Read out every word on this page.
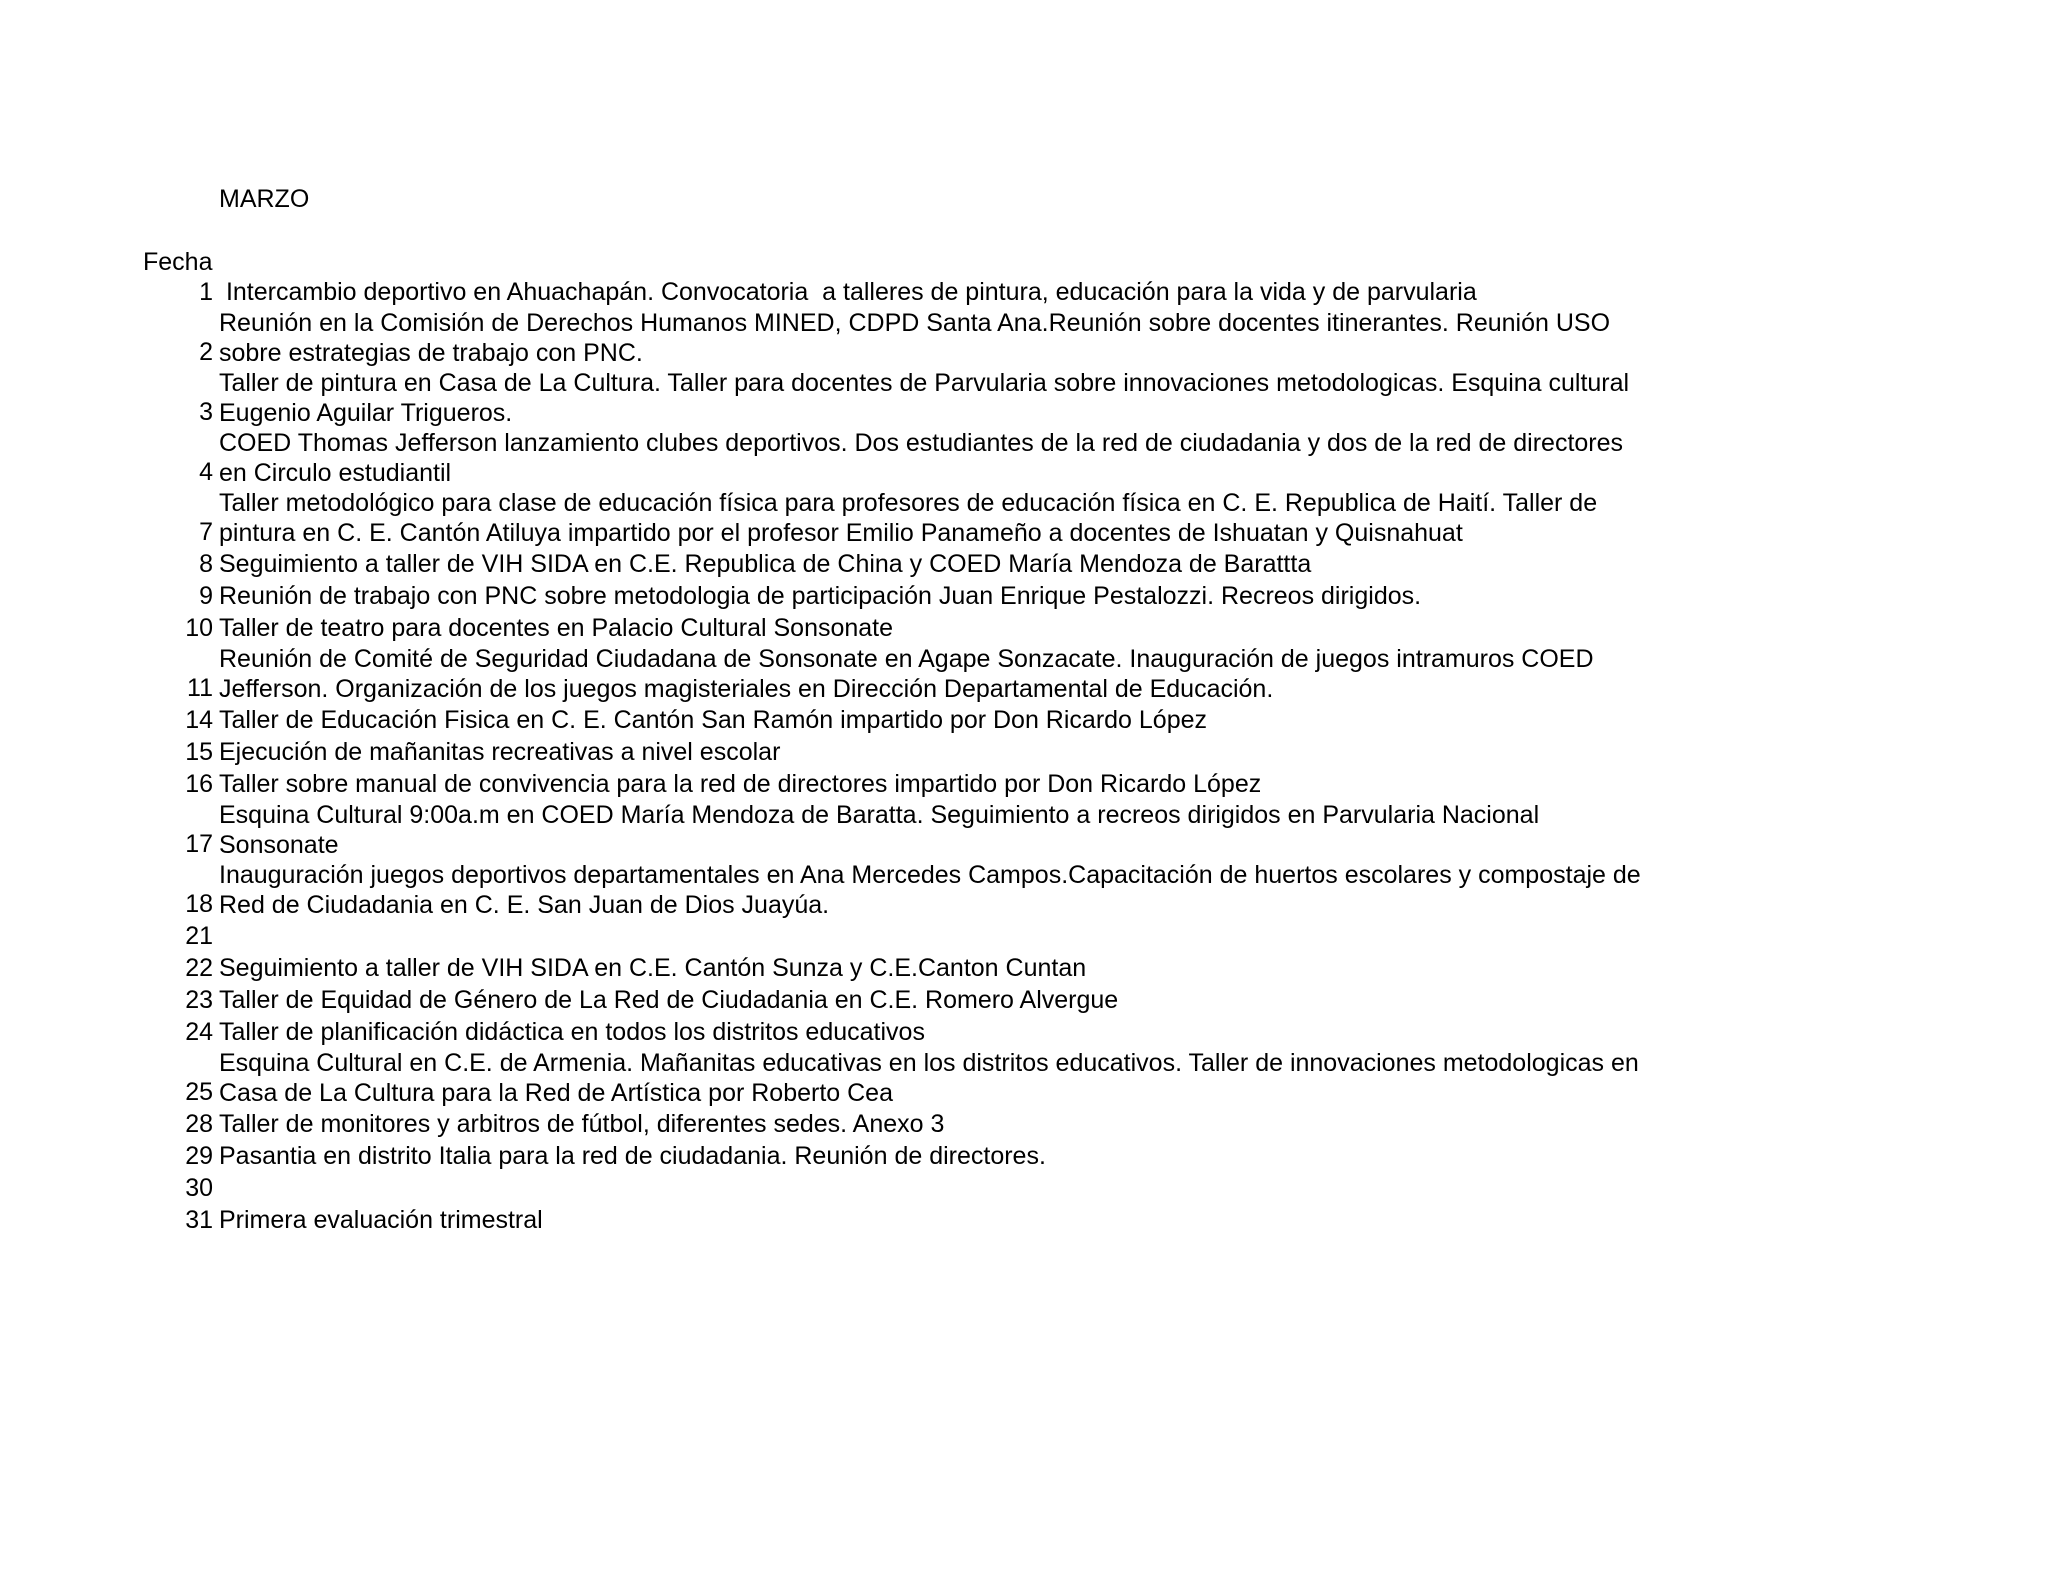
MARZO
Fecha
1 Intercambio deportivo en Ahuachapán. Convocatoria  a talleres de pintura, educación para la vida y de parvularia
2
Reunión en la Comisión de Derechos Humanos MINED, CDPD Santa Ana.Reunión sobre docentes itinerantes. Reunión USO
sobre estrategias de trabajo con PNC.
3
Taller de pintura en Casa de La Cultura. Taller para docentes de Parvularia sobre innovaciones metodologicas. Esquina cultural
Eugenio Aguilar Trigueros.
4
COED Thomas Jefferson lanzamiento clubes deportivos. Dos estudiantes de la red de ciudadania y dos de la red de directores
en Circulo estudiantil
7
Taller metodológico para clase de educación física para profesores de educación física en C. E. Republica de Haití. Taller de
pintura en C. E. Cantón Atiluya impartido por el profesor Emilio Panameño a docentes de Ishuatan y Quisnahuat
8 Seguimiento a taller de VIH SIDA en C.E. Republica de China y COED María Mendoza de Barattta
9 Reunión de trabajo con PNC sobre metodologia de participación Juan Enrique Pestalozzi. Recreos dirigidos.
10 Taller de teatro para docentes en Palacio Cultural Sonsonate
11
Reunión de Comité de Seguridad Ciudadana de Sonsonate en Agape Sonzacate. Inauguración de juegos intramuros COED
Jefferson. Organización de los juegos magisteriales en Dirección Departamental de Educación.
14 Taller de Educación Fisica en C. E. Cantón San Ramón impartido por Don Ricardo López
15 Ejecución de mañanitas recreativas a nivel escolar
16 Taller sobre manual de convivencia para la red de directores impartido por Don Ricardo López
17
Esquina Cultural 9:00a.m en COED María Mendoza de Baratta. Seguimiento a recreos dirigidos en Parvularia Nacional
Sonsonate
18
Inauguración juegos deportivos departamentales en Ana Mercedes Campos.Capacitación de huertos escolares y compostaje de
Red de Ciudadania en C. E. San Juan de Dios Juayúa.
21
22 Seguimiento a taller de VIH SIDA en C.E. Cantón Sunza y C.E.Canton Cuntan
23 Taller de Equidad de Género de La Red de Ciudadania en C.E. Romero Alvergue
24 Taller de planificación didáctica en todos los distritos educativos
25
Esquina Cultural en C.E. de Armenia. Mañanitas educativas en los distritos educativos. Taller de innovaciones metodologicas en
Casa de La Cultura para la Red de Artística por Roberto Cea
28 Taller de monitores y arbitros de fútbol, diferentes sedes. Anexo 3
29 Pasantia en distrito Italia para la red de ciudadania. Reunión de directores.
30
31 Primera evaluación trimestral
